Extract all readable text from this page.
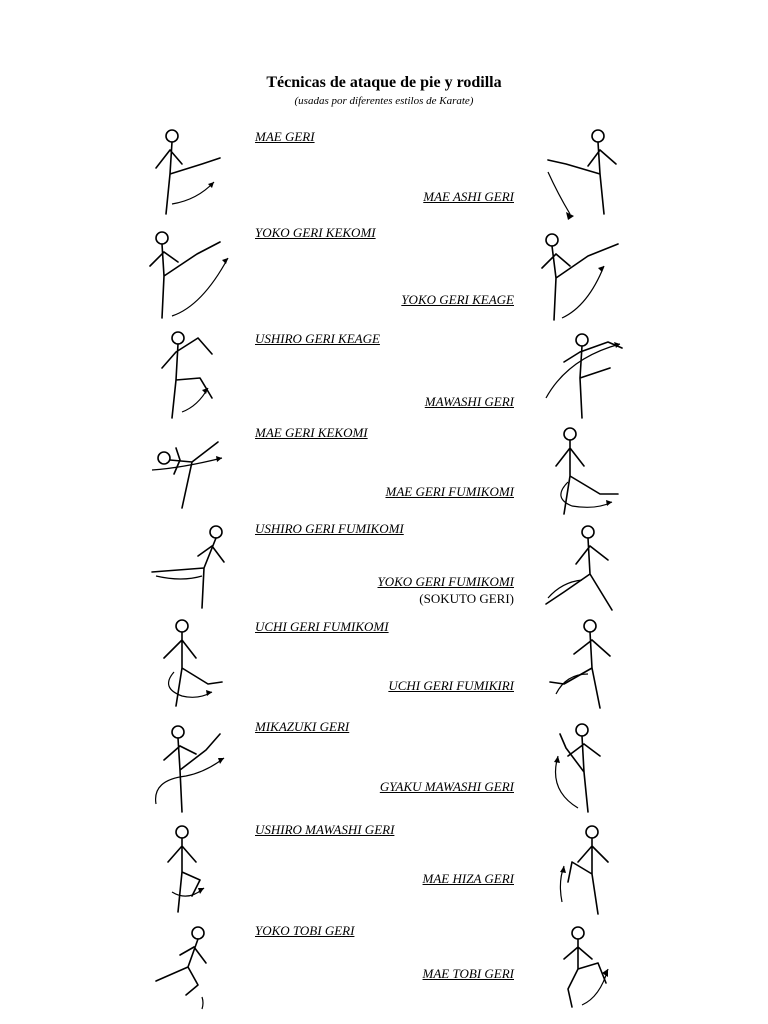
Técnicas de ataque de pie y rodilla
(usadas por diferentes estilos de Karate)
MAE GERI
MAE ASHI GERI
YOKO GERI KEKOMI
YOKO GERI KEAGE
USHIRO GERI KEAGE
MAWASHI GERI
MAE GERI KEKOMI
MAE GERI FUMIKOMI
USHIRO GERI FUMIKOMI
YOKO GERI FUMIKOMI
(SOKUTO GERI)
UCHI GERI FUMIKOMI
UCHI GERI FUMIKIRI
MIKAZUKI GERI
GYAKU MAWASHI GERI
USHIRO MAWASHI GERI
MAE HIZA GERI
YOKO TOBI GERI
MAE TOBI GERI
